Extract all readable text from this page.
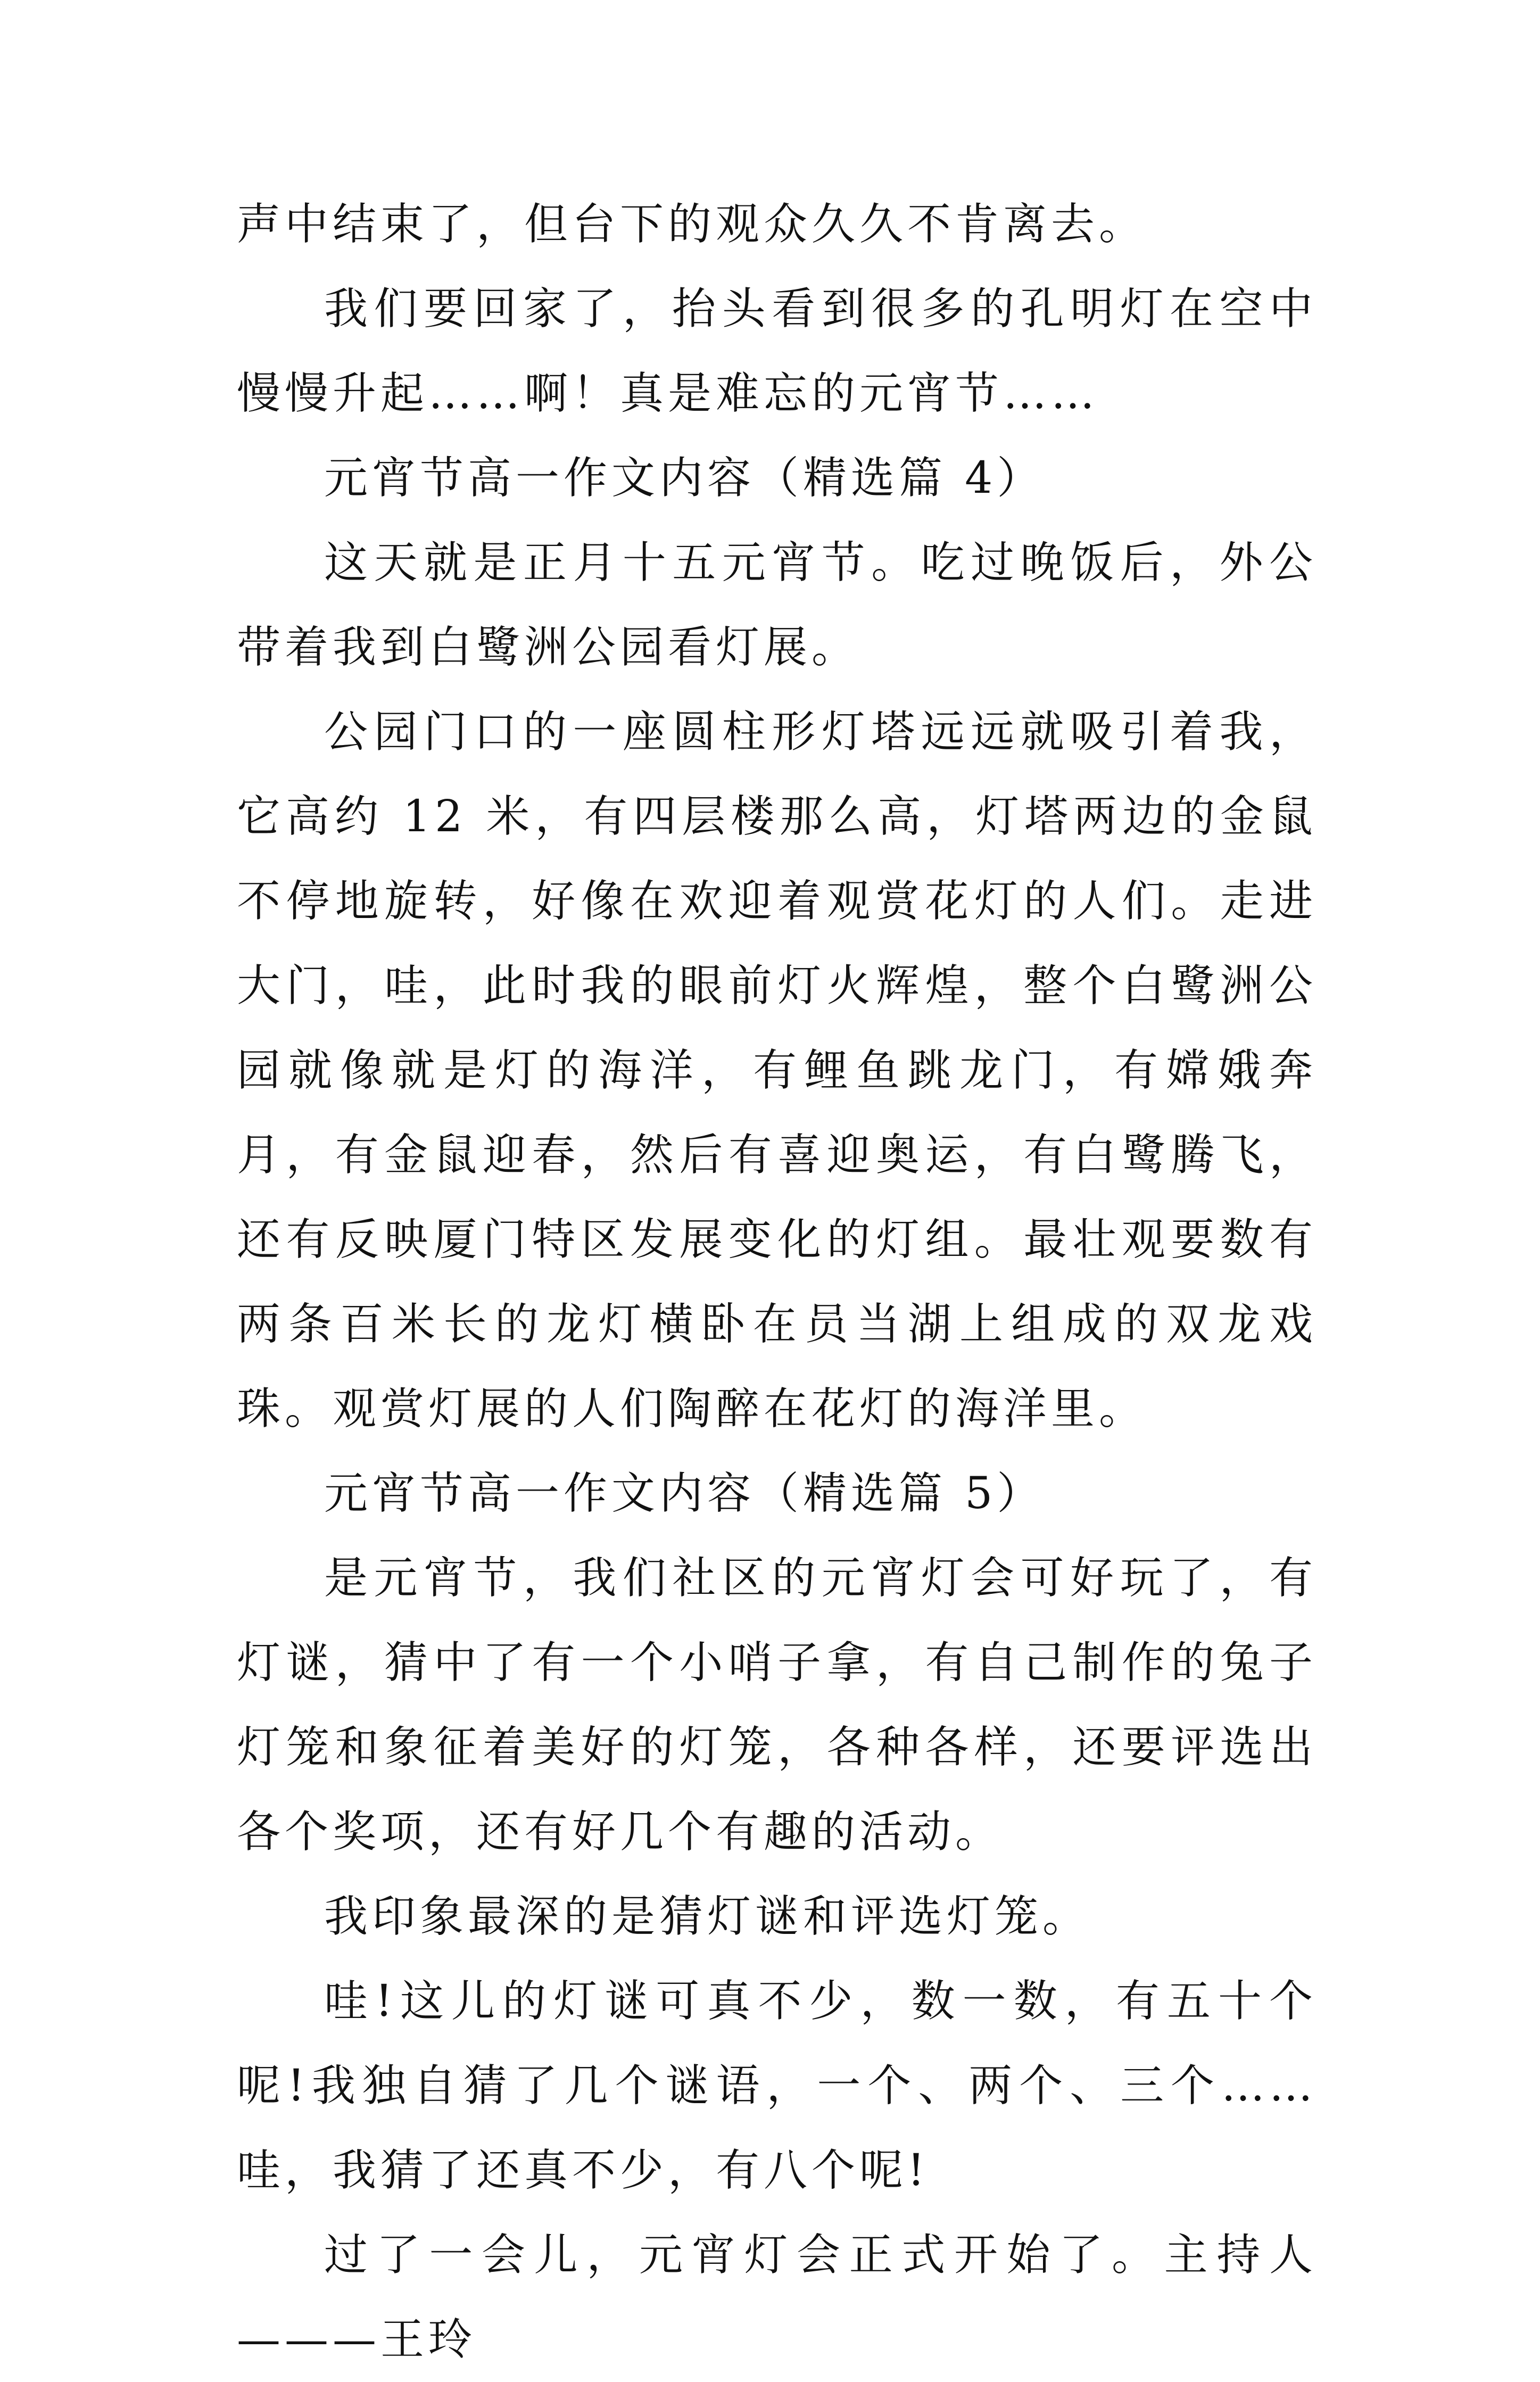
声中结束了，但台下的观众久久不肯离去。

我们要回家了，抬头看到很多的孔明灯在空中慢慢升起……啊！真是难忘的元宵节……

元宵节高一作文内容（精选篇 4）

这天就是正月十五元宵节。吃过晚饭后，外公带着我到白鹭洲公园看灯展。

公园门口的一座圆柱形灯塔远远就吸引着我，它高约 12 米，有四层楼那么高，灯塔两边的金鼠不停地旋转，好像在欢迎着观赏花灯的人们。走进大门，哇，此时我的眼前灯火辉煌，整个白鹭洲公园就像就是灯的海洋，有鲤鱼跳龙门，有嫦娥奔月，有金鼠迎春，然后有喜迎奥运，有白鹭腾飞，还有反映厦门特区发展变化的灯组。最壮观要数有两条百米长的龙灯横卧在员当湖上组成的双龙戏珠。观赏灯展的人们陶醉在花灯的海洋里。

元宵节高一作文内容（精选篇 5）

是元宵节，我们社区的元宵灯会可好玩了，有灯谜，猜中了有一个小哨子拿，有自己制作的兔子灯笼和象征着美好的灯笼，各种各样，还要评选出各个奖项，还有好几个有趣的活动。

我印象最深的是猜灯谜和评选灯笼。

哇!这儿的灯谜可真不少，数一数，有五十个呢!我独自猜了几个谜语，一个、两个、三个……哇，我猜了还真不少，有八个呢!

过了一会儿，元宵灯会正式开始了。主持人———王玲
